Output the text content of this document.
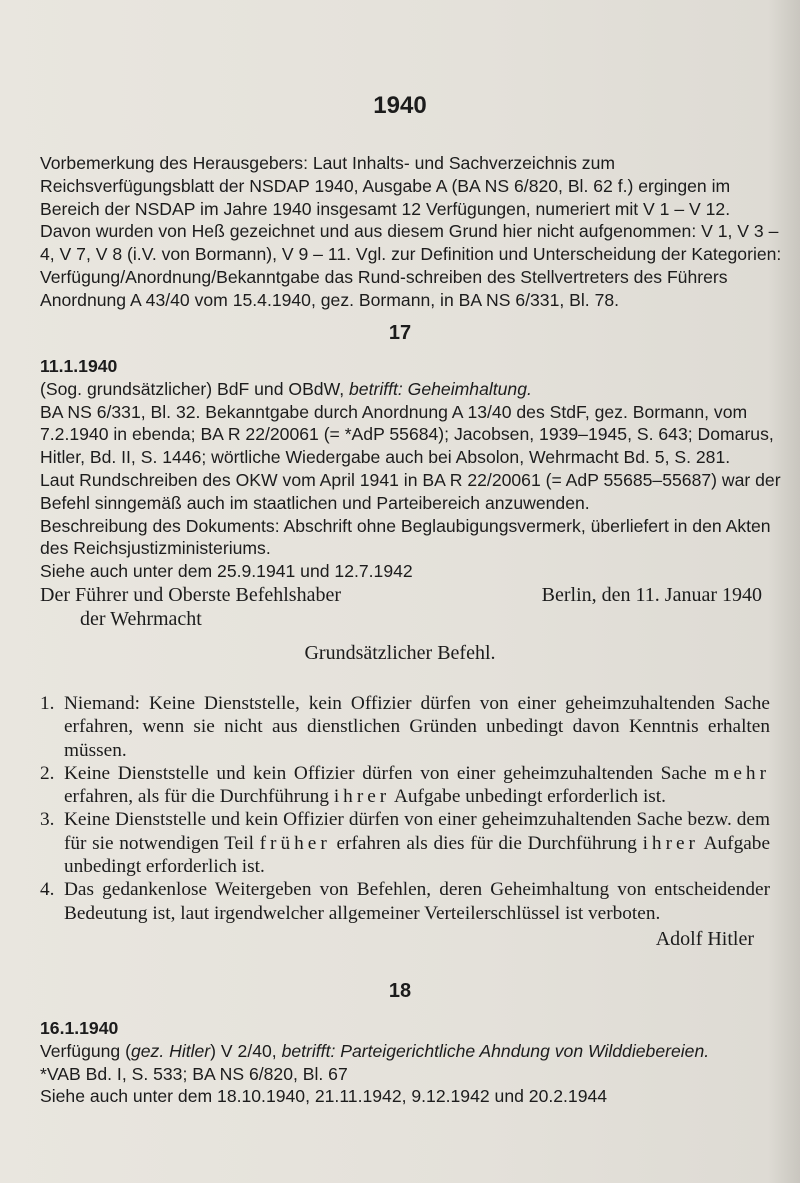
1940
Vorbemerkung des Herausgebers: Laut Inhalts- und Sachverzeichnis zum Reichsverfügungsblatt der NSDAP 1940, Ausgabe A (BA NS 6/820, Bl. 62 f.) ergingen im Bereich der NSDAP im Jahre 1940 insgesamt 12 Verfügungen, numeriert mit V 1 – V 12. Davon wurden von Heß gezeichnet und aus diesem Grund hier nicht aufgenommen: V 1, V 3 – 4, V 7, V 8 (i.V. von Bormann), V 9 – 11. Vgl. zur Definition und Unterscheidung der Kategorien: Verfügung/Anordnung/Bekanntgabe das Rund-schreiben des Stellvertreters des Führers Anordnung A 43/40 vom 15.4.1940, gez. Bormann, in BA NS 6/331, Bl. 78.
17
11.1.1940
(Sog. grundsätzlicher) BdF und OBdW, betrifft: Geheimhaltung.
BA NS 6/331, Bl. 32. Bekanntgabe durch Anordnung A 13/40 des StdF, gez. Bormann, vom 7.2.1940 in ebenda; BA R 22/20061 (= *AdP 55684); Jacobsen, 1939–1945, S. 643; Domarus, Hitler, Bd. II, S. 1446; wörtliche Wiedergabe auch bei Absolon, Wehrmacht Bd. 5, S. 281.
Laut Rundschreiben des OKW vom April 1941 in BA R 22/20061 (= AdP 55685–55687) war der Befehl sinngemäß auch im staatlichen und Parteibereich anzuwenden.
Beschreibung des Dokuments: Abschrift ohne Beglaubigungsvermerk, überliefert in den Akten des Reichsjustizministeriums.
Siehe auch unter dem 25.9.1941 und 12.7.1942
Der Führer und Oberste Befehlshaber
der Wehrmacht
Berlin, den 11. Januar 1940
Grundsätzlicher Befehl.
1. Niemand: Keine Dienststelle, kein Offizier dürfen von einer geheimzuhaltenden Sache erfahren, wenn sie nicht aus dienstlichen Gründen unbedingt davon Kenntnis erhalten müssen.
2. Keine Dienststelle und kein Offizier dürfen von einer geheimzuhaltenden Sache mehr erfahren, als für die Durchführung ihrer Aufgabe unbedingt erforderlich ist.
3. Keine Dienststelle und kein Offizier dürfen von einer geheimzuhaltenden Sache bezw. dem für sie notwendigen Teil früher erfahren als dies für die Durchführung ihrer Aufgabe unbedingt erforderlich ist.
4. Das gedankenlose Weitergeben von Befehlen, deren Geheimhaltung von entscheidender Bedeutung ist, laut irgendwelcher allgemeiner Verteilerschlüssel ist verboten.
Adolf Hitler
18
16.1.1940
Verfügung (gez. Hitler) V 2/40, betrifft: Parteigerichtliche Ahndung von Wilddiebereien.
*VAB Bd. I, S. 533; BA NS 6/820, Bl. 67
Siehe auch unter dem 18.10.1940, 21.11.1942, 9.12.1942 und 20.2.1944
